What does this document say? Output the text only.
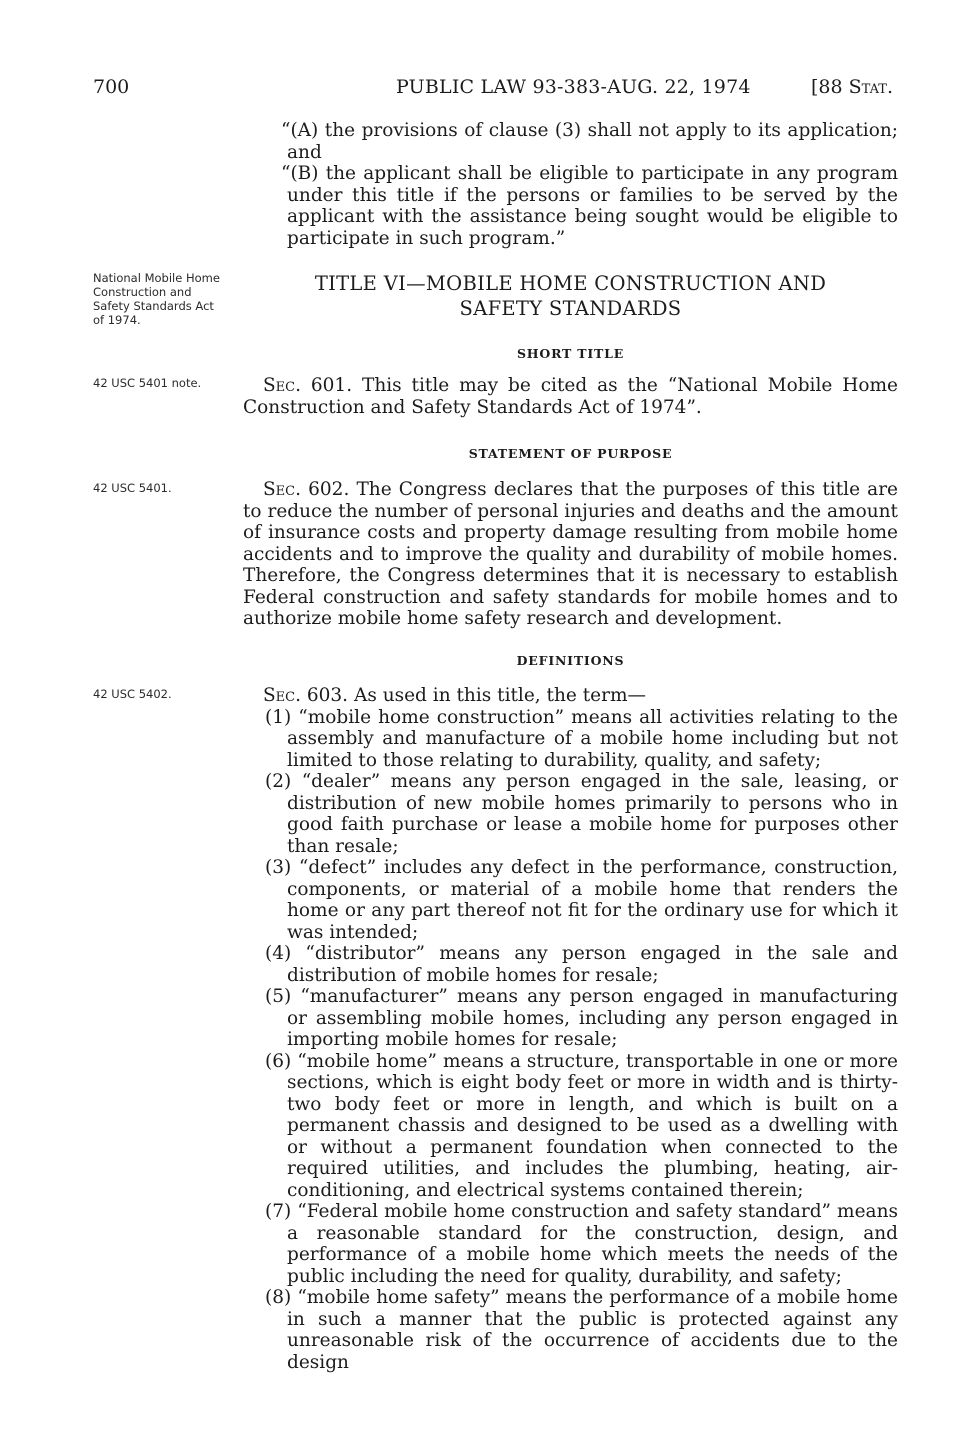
700	PUBLIC LAW 93-383-AUG. 22, 1974	[88 Stat.

“(A) the provisions of clause (3) shall not apply to its application; and

“(B) the applicant shall be eligible to participate in any program under this title if the persons or families to be served by the applicant with the assistance being sought would be eligible to participate in such program.”

National Mobile Home Construction and Safety Standards Act of 1974.
TITLE VI—MOBILE HOME CONSTRUCTION AND
SAFETY STANDARDS
SHORT TITLE
42 USC 5401 note.	Sec. 601. This title may be cited as the “National Mobile Home Construction and Safety Standards Act of 1974”.

STATEMENT OF PURPOSE
42 USC 5401.	Sec. 602. The Congress declares that the purposes of this title are to reduce the number of personal injuries and deaths and the amount of insurance costs and property damage resulting from mobile home accidents and to improve the quality and durability of mobile homes. Therefore, the Congress determines that it is necessary to establish Federal construction and safety standards for mobile homes and to authorize mobile home safety research and development.

DEFINITIONS
42 USC 5402.	Sec. 603. As used in this title, the term—

(1) “mobile home construction” means all activities relating to the assembly and manufacture of a mobile home including but not limited to those relating to durability, quality, and safety;

(2) “dealer” means any person engaged in the sale, leasing, or distribution of new mobile homes primarily to persons who in good faith purchase or lease a mobile home for purposes other than resale;

(3) “defect” includes any defect in the performance, construction, components, or material of a mobile home that renders the home or any part thereof not fit for the ordinary use for which it was intended;

(4) “distributor” means any person engaged in the sale and distribution of mobile homes for resale;

(5) “manufacturer” means any person engaged in manufacturing or assembling mobile homes, including any person engaged in importing mobile homes for resale;

(6) “mobile home” means a structure, transportable in one or more sections, which is eight body feet or more in width and is thirty-two body feet or more in length, and which is built on a permanent chassis and designed to be used as a dwelling with or without a permanent foundation when connected to the required utilities, and includes the plumbing, heating, air-conditioning, and electrical systems contained therein;

(7) “Federal mobile home construction and safety standard” means a reasonable standard for the construction, design, and performance of a mobile home which meets the needs of the public including the need for quality, durability, and safety;

(8) “mobile home safety” means the performance of a mobile home in such a manner that the public is protected against any unreasonable risk of the occurrence of accidents due to the design
